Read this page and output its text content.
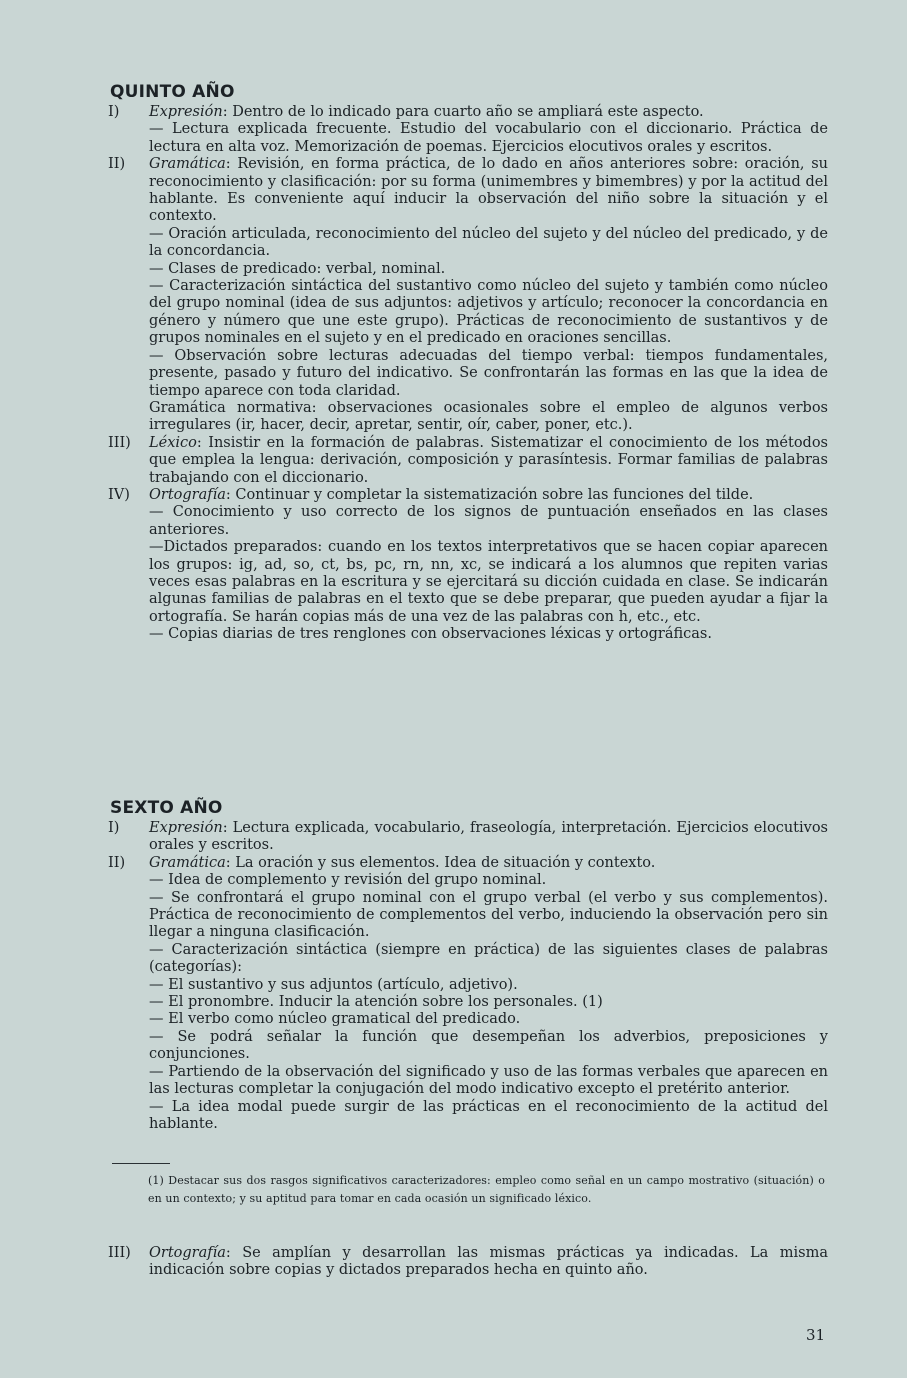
QUINTO AÑO
I)	Expresión: Dentro de lo indicado para cuarto año se ampliará este aspecto.

— Lectura explicada frecuente. Estudio del vocabulario con el diccionario. Práctica de lectura en alta voz. Memorización de poemas. Ejercicios elocutivos orales y escritos.

II)	Gramática: Revisión, en forma práctica, de lo dado en años anteriores sobre: oración, su reconocimiento y clasificación: por su forma (unimembres y bimembres) y por la actitud del hablante. Es conveniente aquí inducir la observación del niño sobre la situación y el contexto.

— Oración articulada, reconocimiento del núcleo del sujeto y del núcleo del predicado, y de la concordancia.

— Clases de predicado: verbal, nominal.

— Caracterización sintáctica del sustantivo como núcleo del sujeto y también como núcleo del grupo nominal (idea de sus adjuntos: adjetivos y artículo; reconocer la concordancia en género y número que une este grupo). Prácticas de reconocimiento de sustantivos y de grupos nominales en el sujeto y en el predicado en oraciones sencillas.

— Observación sobre lecturas adecuadas del tiempo verbal: tiempos fundamentales, presente, pasado y futuro del indicativo. Se confrontarán las formas en las que la idea de tiempo aparece con toda claridad.

Gramática normativa: observaciones ocasionales sobre el empleo de algunos verbos irregulares (ir, hacer, decir, apretar, sentir, oír, caber, poner, etc.).

III)	Léxico: Insistir en la formación de palabras. Sistematizar el conocimiento de los métodos que emplea la lengua: derivación, composición y parasíntesis. Formar familias de palabras trabajando con el diccionario.

IV)	Ortografía: Continuar y completar la sistematización sobre las funciones del tilde.

— Conocimiento y uso correcto de los signos de puntuación enseñados en las clases anteriores.

—Dictados preparados: cuando en los textos interpretativos que se hacen copiar aparecen los grupos: ig, ad, so, ct, bs, pc, rn, nn, xc, se indicará a los alumnos que repiten varias veces esas palabras en la escritura y se ejercitará su dicción cuidada en clase. Se indicarán algunas familias de palabras en el texto que se debe preparar, que pueden ayudar a fijar la ortografía. Se harán copias más de una vez de las palabras con h, etc., etc.

— Copias diarias de tres renglones con observaciones léxicas y ortográficas.

SEXTO AÑO
I)	Expresión: Lectura explicada, vocabulario, fraseología, interpretación. Ejercicios elocutivos orales y escritos.

II)	Gramática: La oración y sus elementos. Idea de situación y contexto.

— Idea de complemento y revisión del grupo nominal.

— Se confrontará el grupo nominal con el grupo verbal (el verbo y sus complementos). Práctica de reconocimiento de complementos del verbo, induciendo la observación pero sin llegar a ninguna clasificación.

— Caracterización sintáctica (siempre en práctica) de las siguientes clases de palabras (categorías):

— El sustantivo y sus adjuntos (artículo, adjetivo).

— El pronombre. Inducir la atención sobre los personales. (1)

— El verbo como núcleo gramatical del predicado.

— Se podrá señalar la función que desempeñan los adverbios, preposiciones y conjunciones.

— Partiendo de la observación del significado y uso de las formas verbales que aparecen en las lecturas completar la conjugación del modo indicativo excepto el pretérito anterior.

— La idea modal puede surgir de las prácticas en el reconocimiento de la actitud del hablante.

(1) Destacar sus dos rasgos significativos caracterizadores: empleo como señal en un campo mostrativo (situación) o en un contexto; y su aptitud para tomar en cada ocasión un significado léxico.
III)	Ortografía: Se amplían y desarrollan las mismas prácticas ya indicadas. La misma indicación sobre copias y dictados preparados hecha en quinto año.

31
